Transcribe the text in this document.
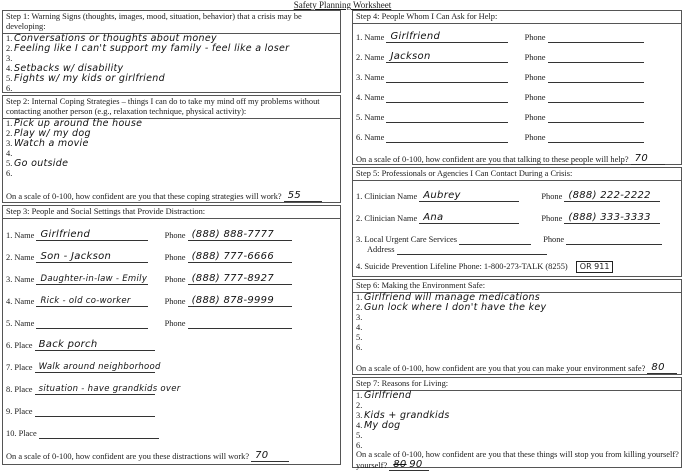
Safety Planning Worksheet
Step 1: Warning Signs (thoughts, images, mood, situation, behavior) that a crisis may be developing:
1. Conversations or thoughts about money
2. Feeling like I can't support my family - feel like a loser
3.
4. Setbacks w/ disability
5. Fights w/ my kids or girlfriend
6.
Step 2: Internal Coping Strategies – things I can do to take my mind off my problems without contacting another person (e.g., relaxation technique, physical activity):
1. Pick up around the house
2. Play w/ my dog
3. Watch a movie
4.
5. Go outside
6.
On a scale of 0-100, how confident are you that these coping strategies will work? 55
Step 3: People and Social Settings that Provide Distraction:
1. Name Girlfriend	Phone (888) 888-7777
2. Name Son - Jackson	Phone (888) 777-6666
3. Name Daughter-in-law - Emily Phone (888) 777-8927
4. Name Rick - old co-worker	Phone (888) 878-9999
5. Name	Phone
6. Place Back porch
7. Place Walk around neighborhood
8. Place situation - have grandkids over
9. Place
10. Place
On a scale of 0-100, how confident are you these distractions will work? 70
Step 4: People Whom I Can Ask for Help:
1. Name Girlfriend	Phone
2. Name Jackson	Phone
3. Name	Phone
4. Name	Phone
5. Name	Phone
6. Name	Phone
On a scale of 0-100, how confident are you that talking to these people will help? 70
Step 5: Professionals or Agencies I Can Contact During a Crisis:
1. Clinician Name Aubrey	Phone (888) 222-2222
2. Clinician Name Ana	Phone (888) 333-3333
3. Local Urgent Care Services	Phone
Address
4. Suicide Prevention Lifeline Phone: 1-800-273-TALK (8255) OR 911
Step 6: Making the Environment Safe:
1. Girlfriend will manage medications
2. Gun lock where I don't have the key
3.
4.
5.
6.
On a scale of 0-100, how confident are you that you can make your environment safe? 80
Step 7: Reasons for Living:
1. Girlfriend
2.
3. Kids + grandkids
4. My dog
5.
6.
On a scale of 0-100, how confident are you that these things will stop you from killing yourself?
yourself? 80 90
